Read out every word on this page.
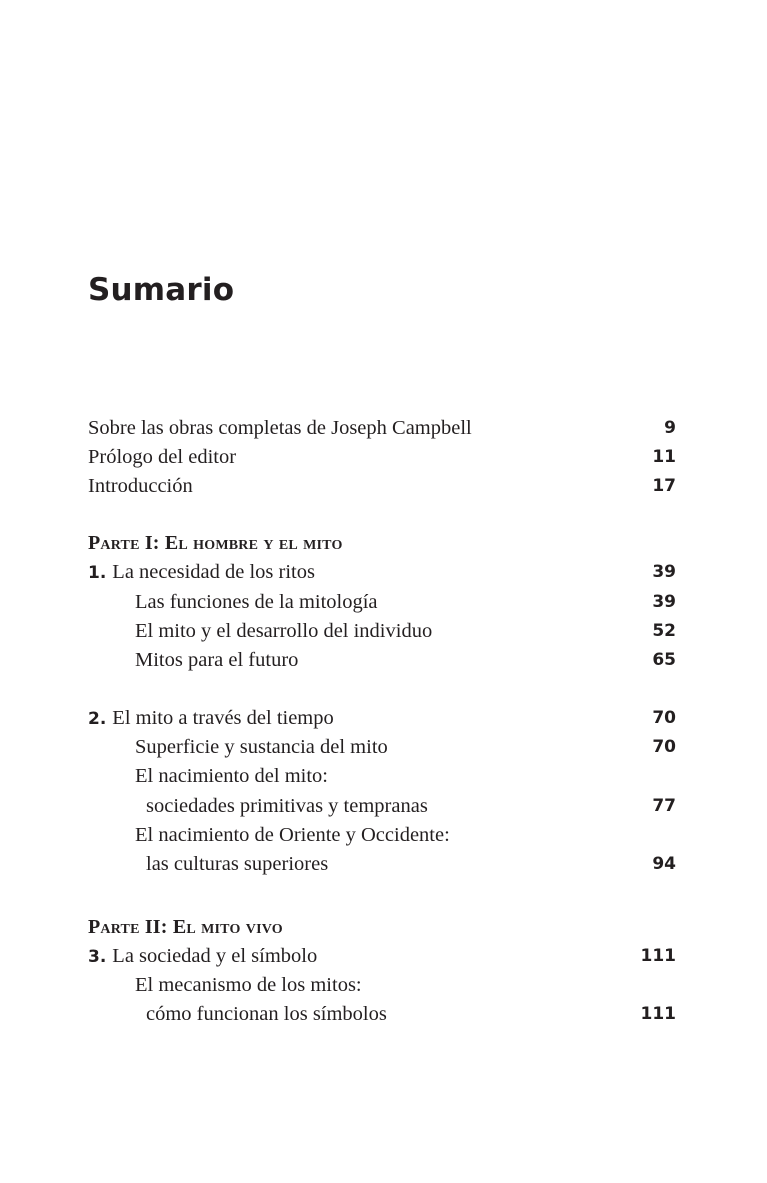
Sumario
Sobre las obras completas de Joseph Campbell	9
Prólogo del editor	11
Introducción	17
Parte I: El hombre y el mito
1. La necesidad de los ritos	39
Las funciones de la mitología	39
El mito y el desarrollo del individuo	52
Mitos para el futuro	65
2. El mito a través del tiempo	70
Superficie y sustancia del mito	70
El nacimiento del mito:
sociedades primitivas y tempranas	77
El nacimiento de Oriente y Occidente:
las culturas superiores	94
Parte II: El mito vivo
3. La sociedad y el símbolo	111
El mecanismo de los mitos:
cómo funcionan los símbolos	111
